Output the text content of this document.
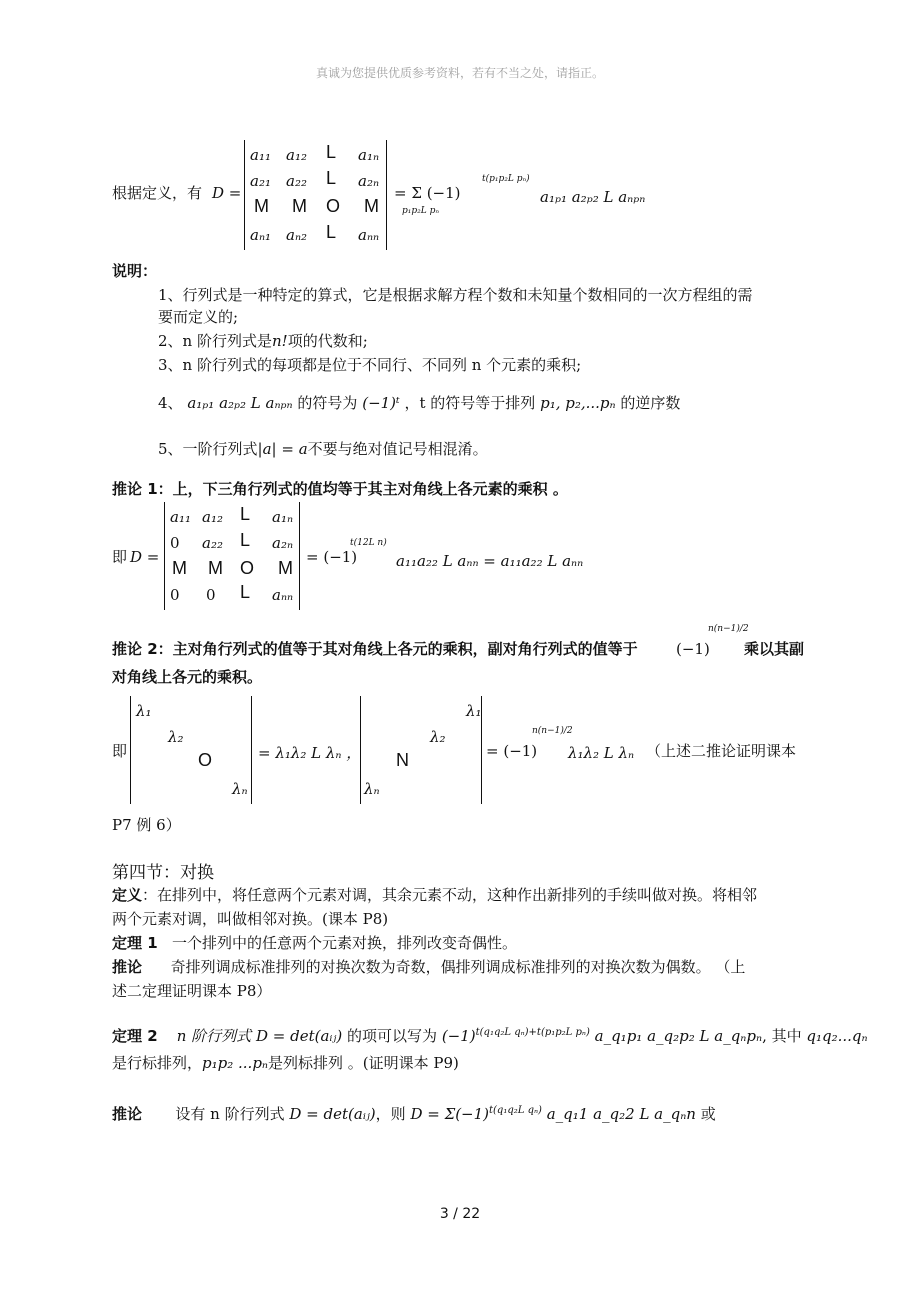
真诚为您提供优质参考资料，若有不当之处，请指正。
根据定义，有 D =
a₁₁ a₁₂ L a₁ₙ
a₂₁ a₂₂ L a₂ₙ
M M O M
aₙ₁ aₙ₂ L aₙₙ
= Σ (−1)
p₁p₂L pₙ
t(p₁p₂L pₙ)
a₁ₚ₁ a₂ₚ₂ L aₙₚₙ
说明：
1、行列式是一种特定的算式，它是根据求解方程个数和未知量个数相同的一次方程组的需
要而定义的;
2、n 阶行列式是n!项的代数和;
3、n 阶行列式的每项都是位于不同行、不同列 n 个元素的乘积;
4、 a₁ₚ₁ a₂ₚ₂ L aₙₚₙ 的符号为 (−1)ᵗ ，t 的符号等于排列 p₁, p₂,...pₙ 的逆序数
5、一阶行列式|a| = a不要与绝对值记号相混淆。
推论 1：上，下三角行列式的值均等于其主对角线上各元素的乘积 。
即 D =
a₁₁ a₁₂ L a₁ₙ
0 a₂₂ L a₂ₙ
M M O M
0 0 L aₙₙ
= (−1)
t(12L n)
a₁₁a₂₂ L aₙₙ = a₁₁a₂₂ L aₙₙ
推论 2：主对角行列式的值等于其对角线上各元的乘积，副对角行列式的值等于	(−1)
n(n−1)/2
乘以其副
对角线上各元的乘积。
即
λ₁
λ₂
O
λₙ
= λ₁λ₂ L λₙ ，
λ₁
λ₂
N
λₙ
= (−1)
n(n−1)/2
λ₁λ₂ L λₙ （上述二推论证明课本
P7 例 6）
第四节：对换
定义：在排列中，将任意两个元素对调，其余元素不动，这种作出新排列的手续叫做对换。将相邻
两个元素对调，叫做相邻对换。(课本 P8)
定理 1 一个排列中的任意两个元素对换，排列改变奇偶性。
推论 奇排列调成标准排列的对换次数为奇数，偶排列调成标准排列的对换次数为偶数。 （上
述二定理证明课本 P8）
定理 2 n 阶行列式 D = det(aᵢⱼ) 的项可以写为 $(-1)^{t(q_1q_2L q_n)+t(p_1p_2L p_n)}$ a_q₁p₁ a_q₂p₂ L a_qₙpₙ, 其中 q₁q₂...qₙ
是行标排列，p₁p₂ ...pₙ是列标排列 。(证明课本 P9)
推论 设有 n 阶行列式 D = det(aᵢⱼ)，则 $D = \Sigma(-1)^{t(q_1q_2L q_n)}$ a_q₁1 a_q₂2 L a_qₙn 或
3 / 22
